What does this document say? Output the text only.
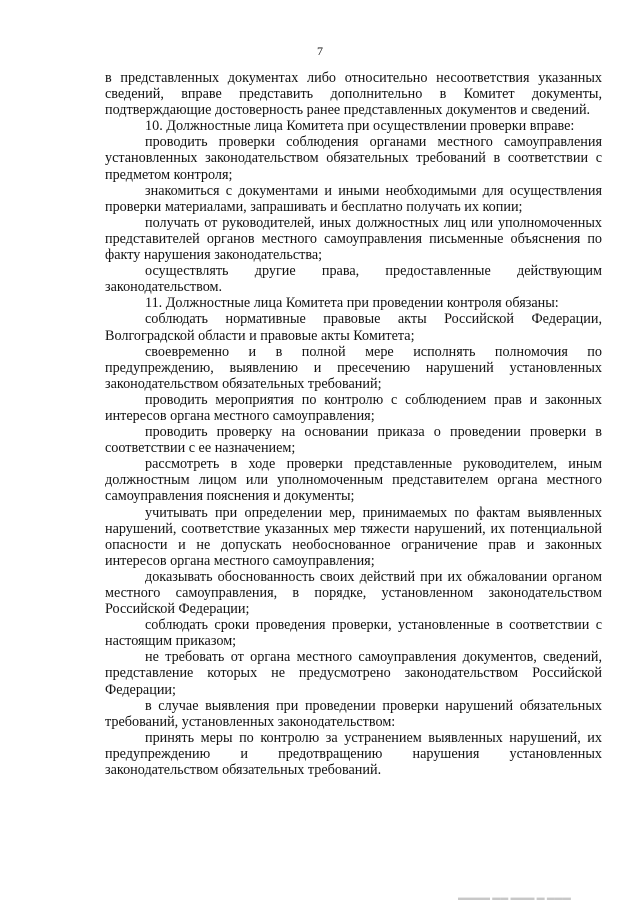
7

в представленных документах либо относительно несоответствия указанных сведений, вправе представить дополнительно в Комитет документы, подтверждающие достоверность ранее представленных документов и сведений.

10. Должностные лица Комитета при осуществлении проверки вправе:

проводить проверки соблюдения органами местного самоуправления установленных законодательством обязательных требований в соответствии с предметом контроля;

знакомиться с документами и иными необходимыми для осуществления проверки материалами, запрашивать и бесплатно получать их копии;

получать от руководителей, иных должностных лиц или уполномоченных представителей органов местного самоуправления письменные объяснения по факту нарушения законодательства;

осуществлять другие права, предоставленные действующим законодательством.

11. Должностные лица Комитета при проведении контроля обязаны:

соблюдать нормативные правовые акты Российской Федерации, Волгоградской области и правовые акты Комитета;

своевременно и в полной мере исполнять полномочия по предупреждению, выявлению и пресечению нарушений установленных законодательством обязательных требований;

проводить мероприятия по контролю с соблюдением прав и законных интересов органа местного самоуправления;

проводить проверку на основании приказа о проведении проверки в соответствии с ее назначением;

рассмотреть в ходе проверки представленные руководителем, иным должностным лицом или уполномоченным представителем органа местного самоуправления пояснения и документы;

учитывать при определении мер, принимаемых по фактам выявленных нарушений, соответствие указанных мер тяжести нарушений, их потенциальной опасности и не допускать необоснованное ограничение прав и законных интересов органа местного самоуправления;

доказывать обоснованность своих действий при их обжаловании органом местного самоуправления, в порядке, установленном законодательством Российской Федерации;

соблюдать сроки проведения проверки, установленные в соответствии с настоящим приказом;

не требовать от органа местного самоуправления документов, сведений, представление которых не предусмотрено законодательством Российской Федерации;

в случае выявления при проведении проверки нарушений обязательных требований, установленных законодательством:

принять меры по контролю за устранением выявленных нарушений, их предупреждению и предотвращению нарушения установленных законодательством обязательных требований.

▬▬▬▬ ▬▬ ▬▬▬ ▬ ▬▬▬
